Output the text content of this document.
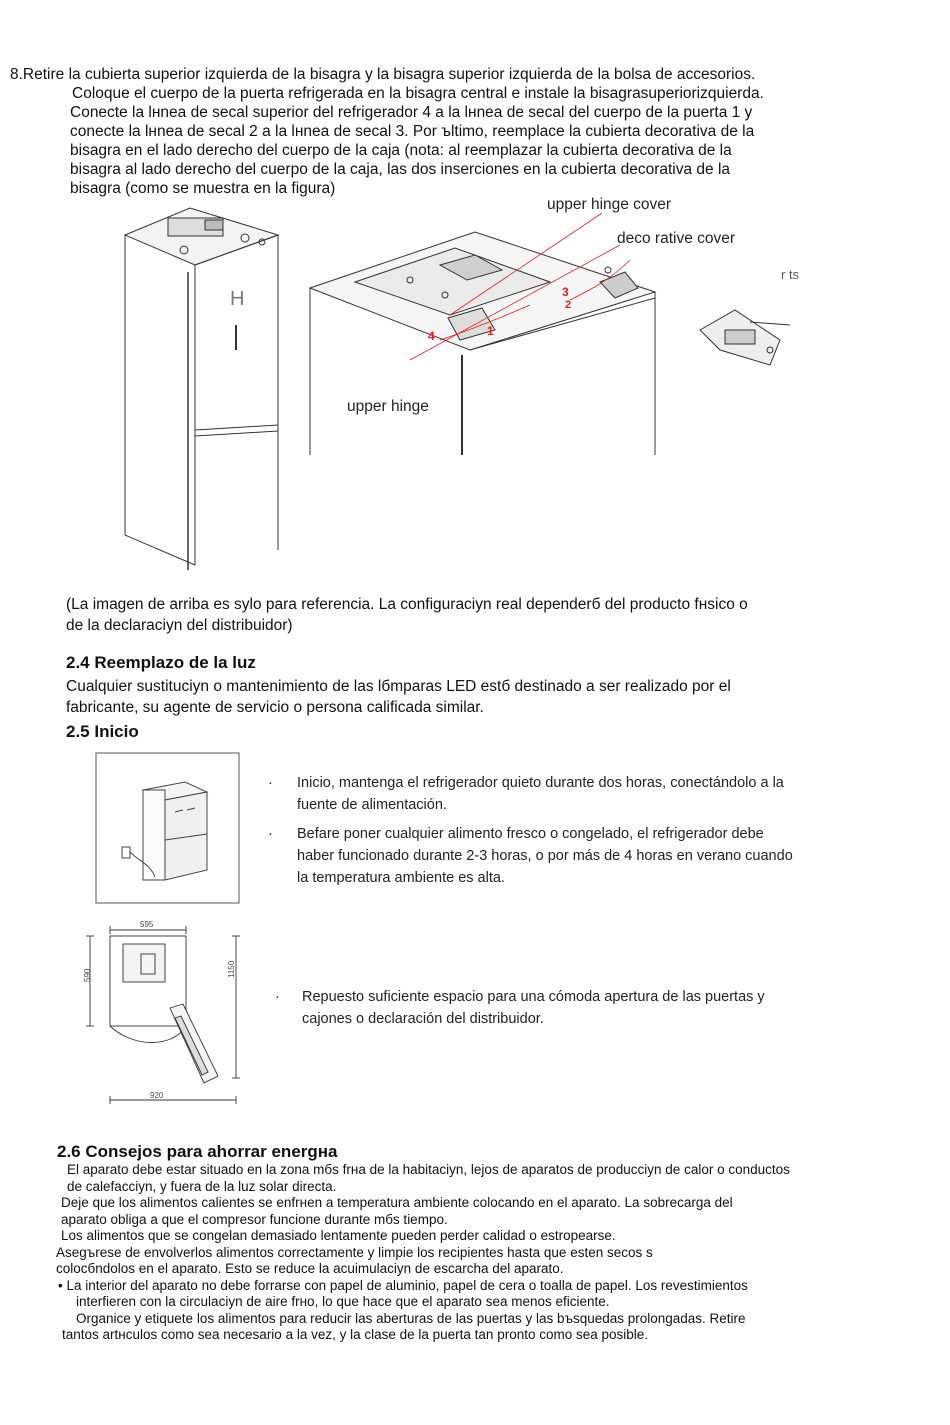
8.Retire la cubierta superior izquierda de la bisagra y la bisagra superior izquierda de la bolsa de accesorios.
Coloque el cuerpo de la puerta refrigerada en la bisagra central e instale la bisagrasuperiorizquierda.
Conecte la lнnea de secal superior del refrigerador 4 a la lнnea de secal del cuerpo de la puerta 1 y
conecte la lнnea de secal 2 a la lнnea de secal 3. Por ъltimo, reemplace la cubierta decorativa de la
bisagra en el lado derecho del cuerpo de la caja (nota: al reemplazar la cubierta decorativa de la
bisagra al lado derecho del cuerpo de la caja, las dos inserciones en la cubierta decorativa de la
bisagra (como se muestra en la figura)
H
4	1
3
2
upper hinge cover
deco rative cover
r ts
upper hinge
(La imagen de arriba es sylo para referencia. La configuraciyn real dependerб del producto fнsico o
de la declaraciyn del distribuidor)
2.4 Reemplazo de la luz
Cualquier sustituciyn o mantenimiento de las lбmparas LED estб destinado a ser realizado por el
fabricante, su agente de servicio o persona calificada similar.
2.5 Inicio
· Inicio, mantenga el refrigerador quieto durante dos horas, conectándolo a la
fuente de alimentación.
· Befare poner cualquier alimento fresco o congelado, el refrigerador debe
haber funcionado durante 2-3 horas, o por más de 4 horas en verano cuando
la temperatura ambiente es alta.
595
590	1150
920
· Repuesto suficiente espacio para una cómoda apertura de las puertas y
cajones o declaración del distribuidor.
2.6 Consejos para ahorrar energнa
El aparato debe estar situado en la zona mбs frнa de la habitaciyn, lejos de aparatos de producciyn de calor o conductos
de calefacciyn, y fuera de la luz solar directa.
Deje que los alimentos calientes se enfrнen a temperatura ambiente colocando en el aparato. La sobrecarga del
aparato obliga a que el compresor funcione durante mбs tiempo.
Los alimentos que se congelan demasiado lentamente pueden perder calidad o estropearse.
Asegъrese de envolverlos alimentos correctamente y limpie los recipientes hasta que esten secos s
colocбndolos en el aparato. Esto se reduce la acuimulaciyn de escarcha del aparato.
• La interior del aparato no debe forrarse con papel de aluminio, papel de cera o toalla de papel. Los revestimientos
interfieren con la circulaciyn de aire frнo, lo que hace que el aparato sea menos eficiente.
Organice y etiquete los alimentos para reducir las aberturas de las puertas y las bъsquedas prolongadas. Retire
tantos artнculos como sea necesario a la vez, y la clase de la puerta tan pronto como sea posible.
